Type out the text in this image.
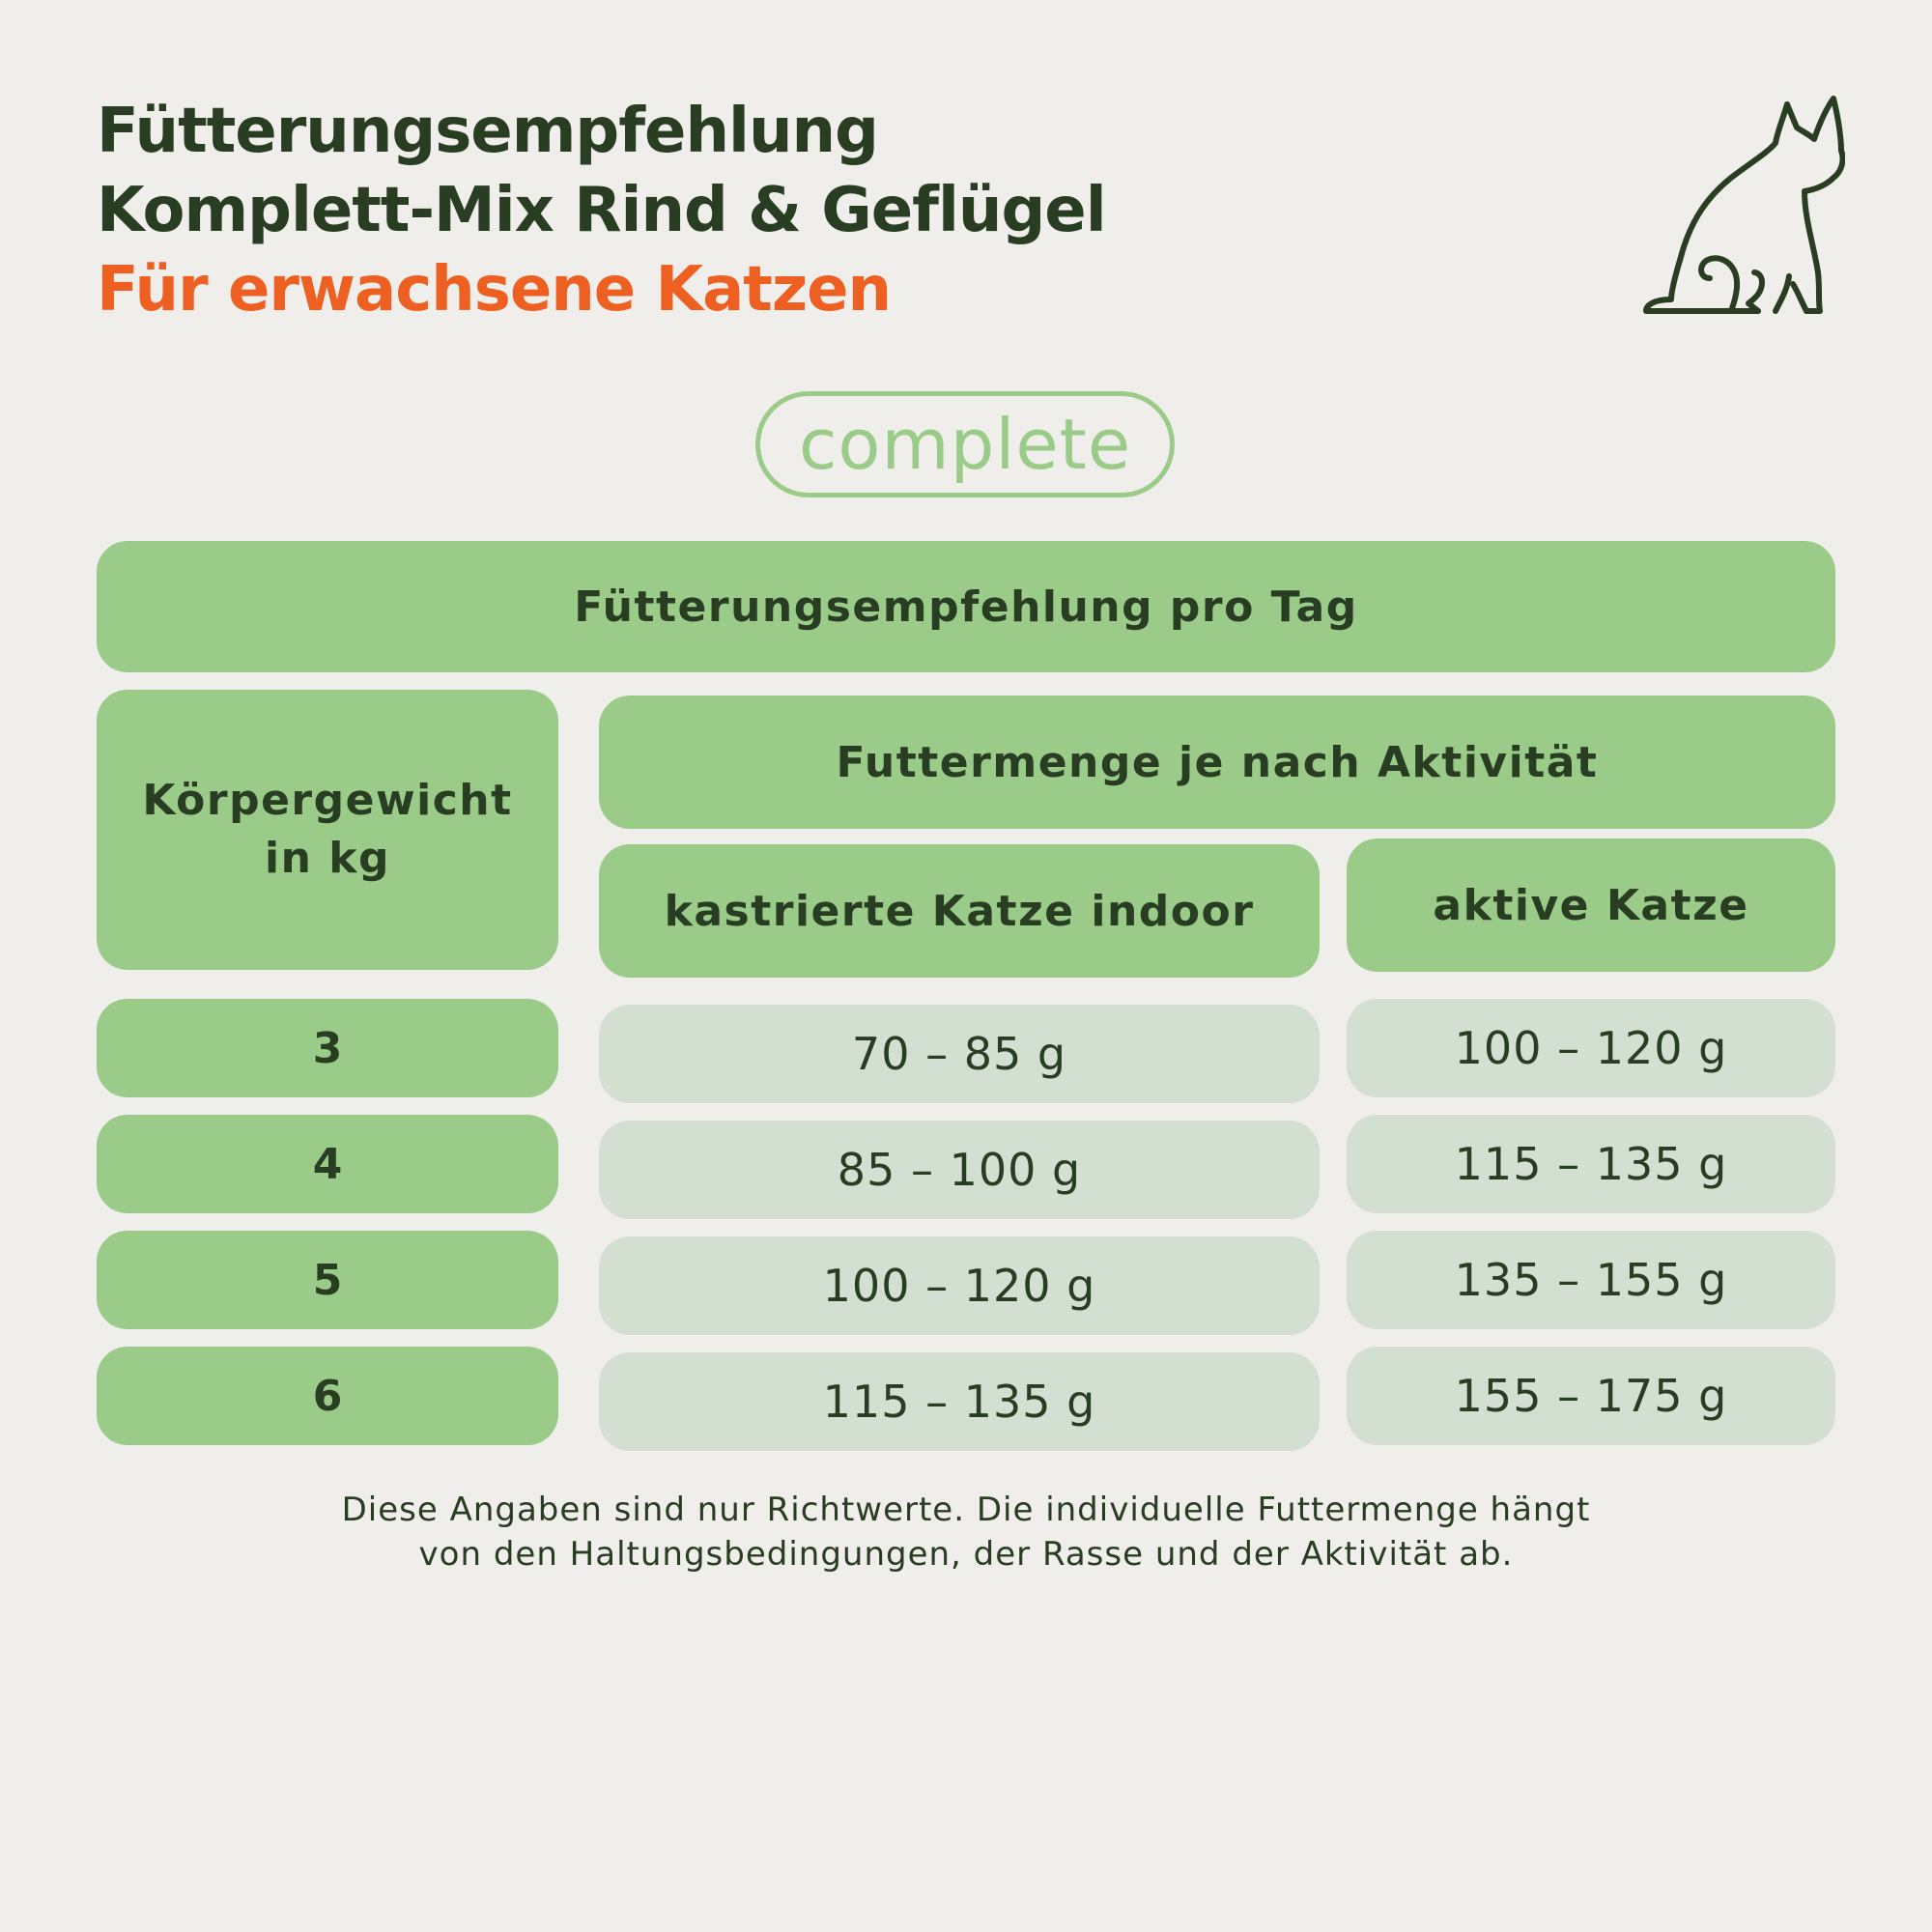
Fütterungsempfehlung
Komplett-Mix Rind & Geflügel
Für erwachsene Katzen
complete
Fütterungsempfehlung pro Tag
Körpergewicht
in kg
Futtermenge je nach Aktivität
kastrierte Katze indoor	aktive Katze
3	70 – 85 g	100 – 120 g
4	85 – 100 g	115 – 135 g
5	100 – 120 g	135 – 155 g
6	115 – 135 g	155 – 175 g

Diese Angaben sind nur Richtwerte. Die individuelle Futtermenge hängt
von den Haltungsbedingungen, der Rasse und der Aktivität ab.
